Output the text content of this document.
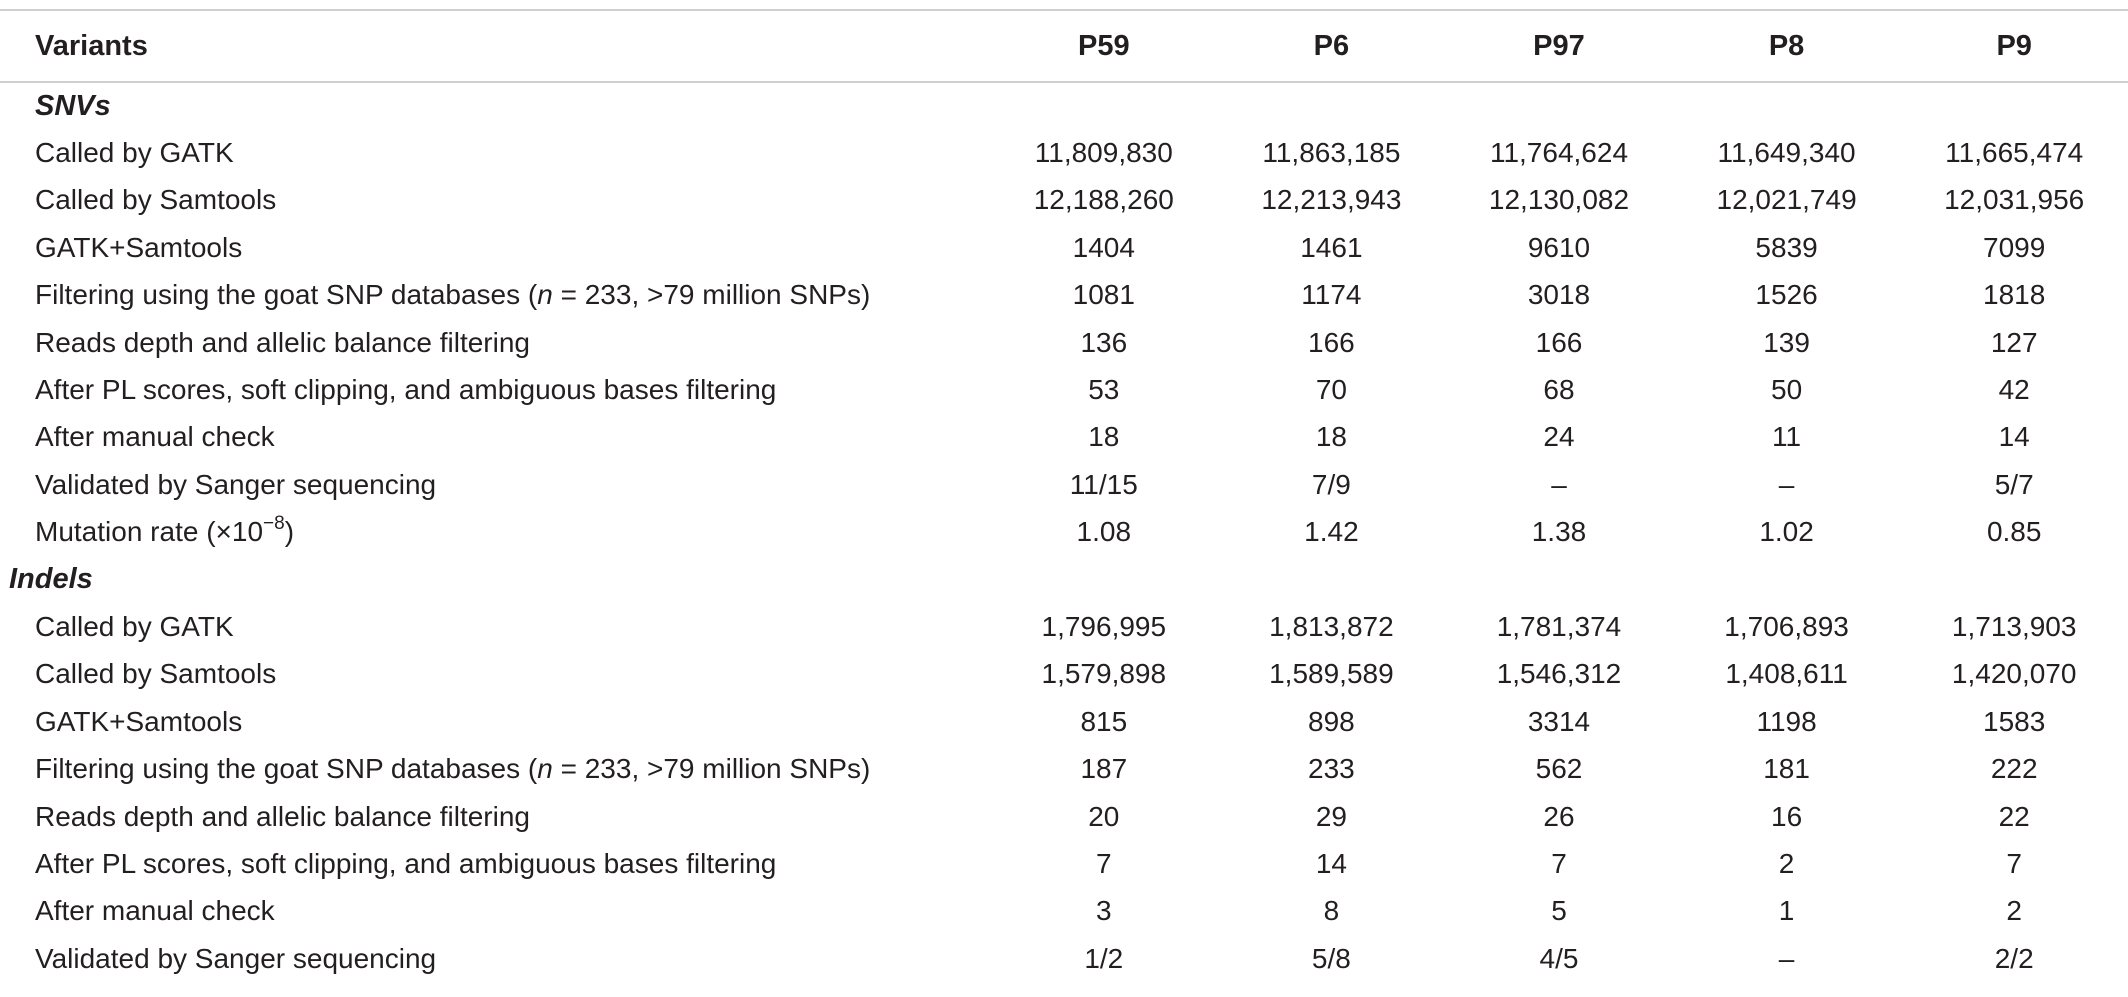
Variants	P59	P6	P97	P8	P9
SNVs					
Called by GATK	11,809,830	11,863,185	11,764,624	11,649,340	11,665,474
Called by Samtools	12,188,260	12,213,943	12,130,082	12,021,749	12,031,956
GATK+Samtools	1404	1461	9610	5839	7099
Filtering using the goat SNP databases (n = 233, >79 million SNPs)	1081	1174	3018	1526	1818
Reads depth and allelic balance filtering	136	166	166	139	127
After PL scores, soft clipping, and ambiguous bases filtering	53	70	68	50	42
After manual check	18	18	24	11	14
Validated by Sanger sequencing	11/15	7/9	–	–	5/7
Mutation rate $(\times 10^{-8})$	1.08	1.42	1.38	1.02	0.85
Indels					
Called by GATK	1,796,995	1,813,872	1,781,374	1,706,893	1,713,903
Called by Samtools	1,579,898	1,589,589	1,546,312	1,408,611	1,420,070
GATK+Samtools	815	898	3314	1198	1583
Filtering using the goat SNP databases (n = 233, >79 million SNPs)	187	233	562	181	222
Reads depth and allelic balance filtering	20	29	26	16	22
After PL scores, soft clipping, and ambiguous bases filtering	7	14	7	2	7
After manual check	3	8	5	1	2
Validated by Sanger sequencing	1/2	5/8	4/5	–	2/2
